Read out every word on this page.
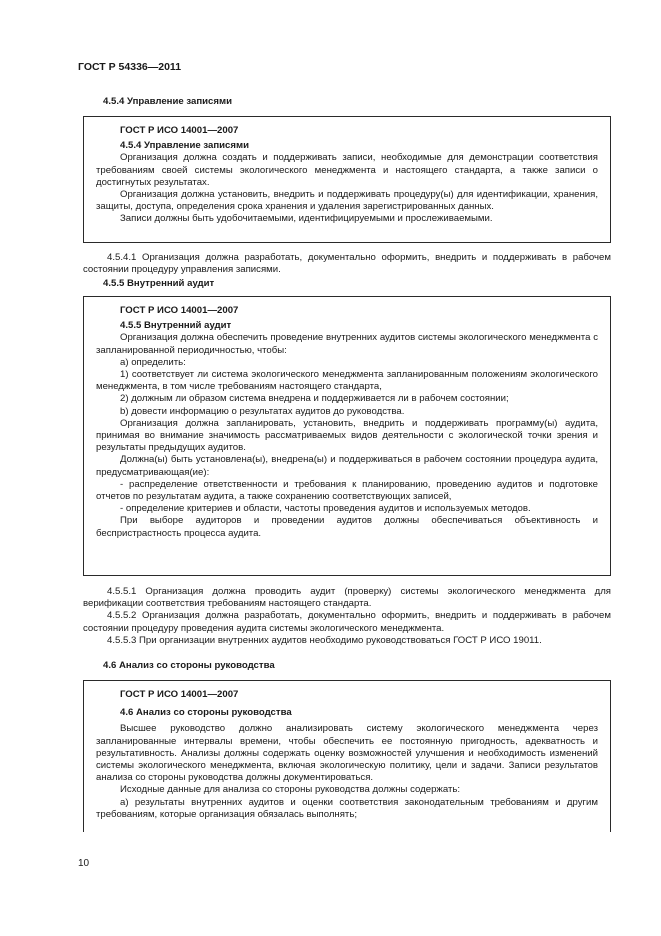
ГОСТ Р 54336—2011
4.5.4 Управление записями
ГОСТ Р ИСО 14001—2007
4.5.4 Управление записями

Организация должна создать и поддерживать записи, необходимые для демонстрации соответствия требованиям своей системы экологического менеджмента и настоящего стандарта, а также записи о достигнутых результатах.

Организация должна установить, внедрить и поддерживать процедуру(ы) для идентификации, хранения, защиты, доступа, определения срока хранения и удаления зарегистрированных данных.

Записи должны быть удобочитаемыми, идентифицируемыми и прослеживаемыми.

4.5.4.1 Организация должна разработать, документально оформить, внедрить и поддерживать в рабочем состоянии процедуру управления записями.

4.5.5 Внутренний аудит
ГОСТ Р ИСО 14001—2007
4.5.5 Внутренний аудит

Организация должна обеспечить проведение внутренних аудитов системы экологического менеджмента с запланированной периодичностью, чтобы:

а) определить:

1) соответствует ли система экологического менеджмента запланированным положениям экологического менеджмента, в том числе требованиям настоящего стандарта,

2) должным ли образом система внедрена и поддерживается ли в рабочем состоянии;

b) довести информацию о результатах аудитов до руководства.

Организация должна запланировать, установить, внедрить и поддерживать программу(ы) аудита, принимая во внимание значимость рассматриваемых видов деятельности с экологической точки зрения и результаты предыдущих аудитов.

Должна(ы) быть установлена(ы), внедрена(ы) и поддерживаться в рабочем состоянии процедура аудита, предусматривающая(ие):

- распределение ответственности и требования к планированию, проведению аудитов и подготовке отчетов по результатам аудита, а также сохранению соответствующих записей,

- определение критериев и области, частоты проведения аудитов и используемых методов.

При выборе аудиторов и проведении аудитов должны обеспечиваться объективность и беспристрастность процесса аудита.

4.5.5.1 Организация должна проводить аудит (проверку) системы экологического менеджмента для верификации соответствия требованиям настоящего стандарта.

4.5.5.2 Организация должна разработать, документально оформить, внедрить и поддерживать в рабочем состоянии процедуру проведения аудита системы экологического менеджмента.

4.5.5.3 При организации внутренних аудитов необходимо руководствоваться ГОСТ Р ИСО 19011.

4.6 Анализ со стороны руководства
ГОСТ Р ИСО 14001—2007
4.6 Анализ со стороны руководства

Высшее руководство должно анализировать систему экологического менеджмента через запланированные интервалы времени, чтобы обеспечить ее постоянную пригодность, адекватность и результативность. Анализы должны содержать оценку возможностей улучшения и необходимость изменений системы экологического менеджмента, включая экологическую политику, цели и задачи. Записи результатов анализа со стороны руководства должны документироваться.

Исходные данные для анализа со стороны руководства должны содержать:

а) результаты внутренних аудитов и оценки соответствия законодательным требованиям и другим требованиям, которые организация обязалась выполнять;

10
